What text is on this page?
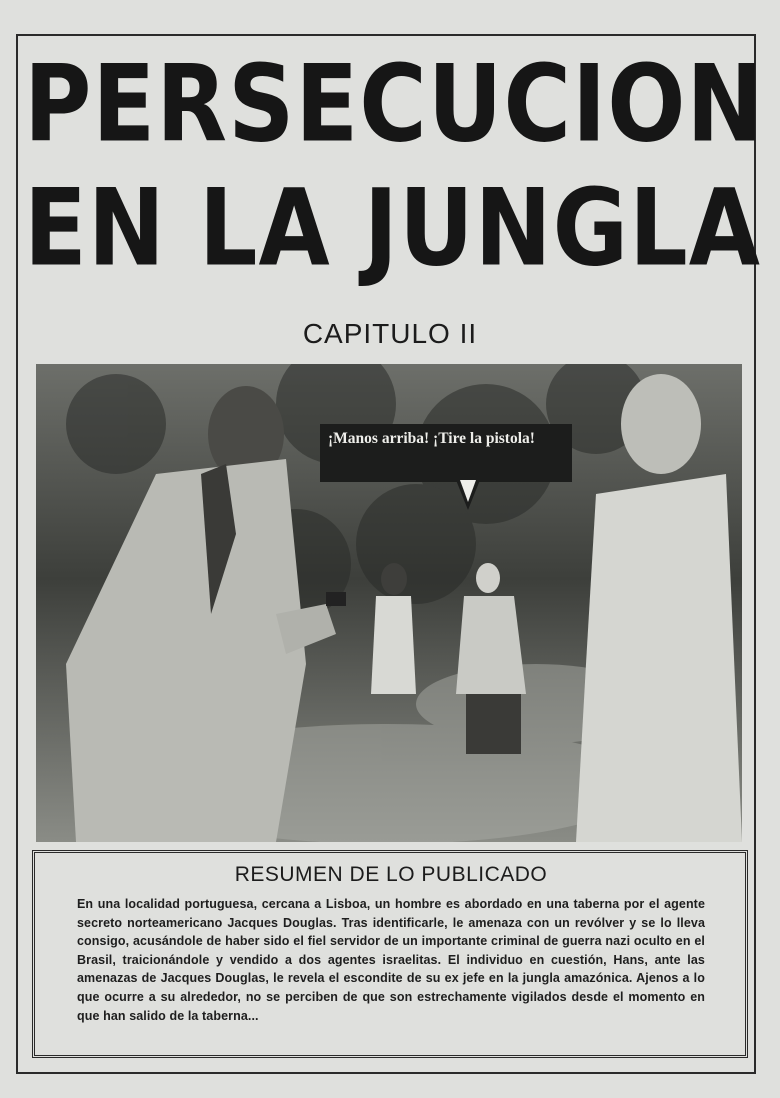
PERSECUCION
EN LA JUNGLA
CAPITULO II
¡Manos arriba! ¡Tire la pistola!
RESUMEN DE LO PUBLICADO
En una localidad portuguesa, cercana a Lisboa, un hombre es abordado en una taberna por el agente secreto norteamericano Jacques Douglas. Tras identificarle, le amenaza con un revólver y se lo lleva consigo, acusándole de haber sido el fiel servidor de un importante criminal de guerra nazi oculto en el Brasil, traicionándole y vendido a dos agentes israelitas. El individuo en cuestión, Hans, ante las amenazas de Jacques Douglas, le revela el escondite de su ex jefe en la jungla amazónica. Ajenos a lo que ocurre a su alrededor, no se perciben de que son estrechamente vigilados desde el momento en que han salido de la taberna...
